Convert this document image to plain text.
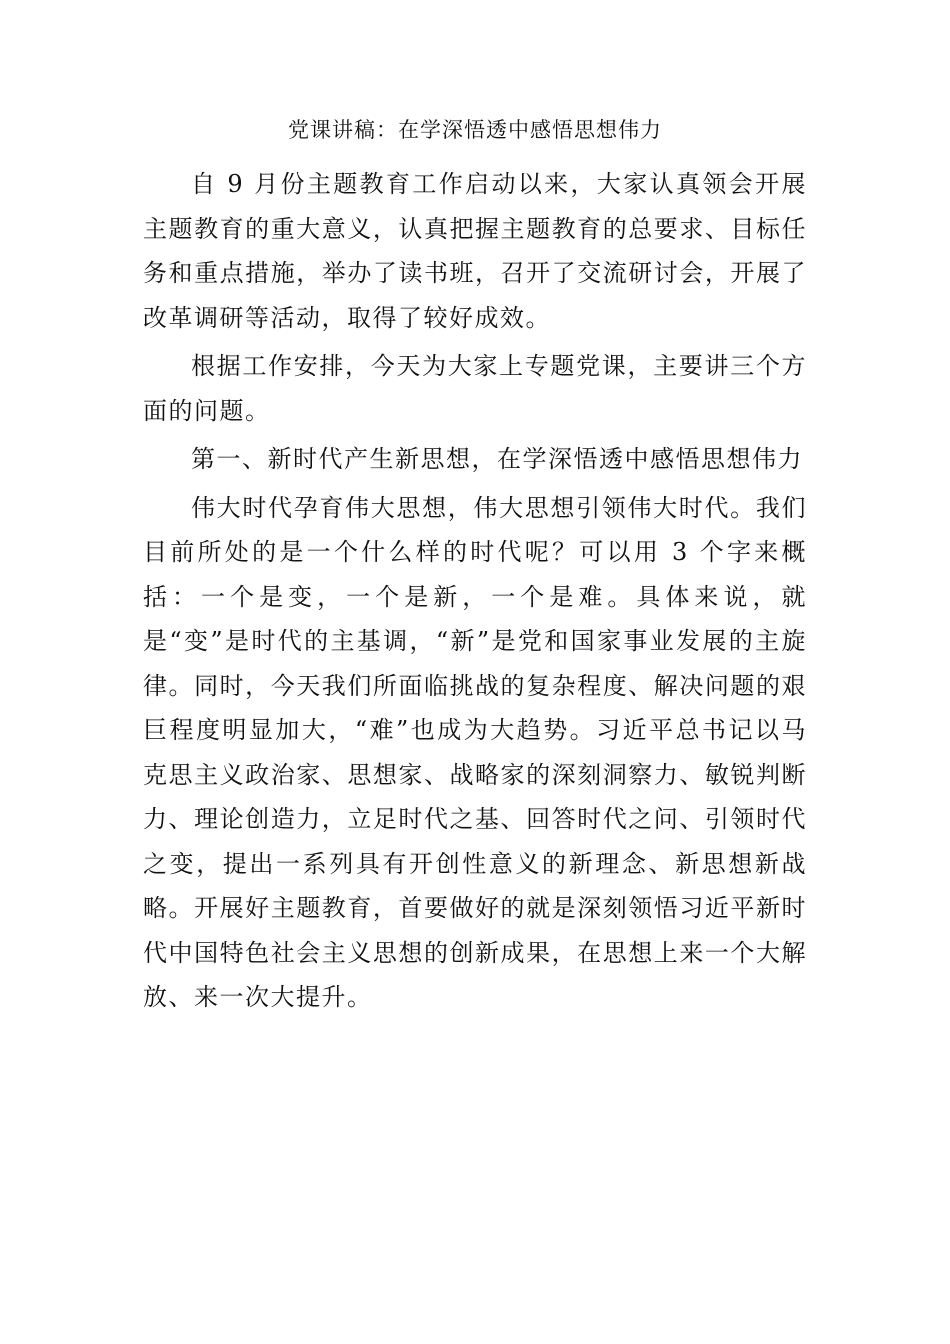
党课讲稿：在学深悟透中感悟思想伟力

自 9 月份主题教育工作启动以来，大家认真领会开展主题教育的重大意义，认真把握主题教育的总要求、目标任务和重点措施，举办了读书班，召开了交流研讨会，开展了改革调研等活动，取得了较好成效。

根据工作安排，今天为大家上专题党课，主要讲三个方面的问题。

第一、新时代产生新思想，在学深悟透中感悟思想伟力

伟大时代孕育伟大思想，伟大思想引领伟大时代。我们目前所处的是一个什么样的时代呢？可以用 3 个字来概括：一个是变，一个是新，一个是难。具体来说，就是“变”是时代的主基调，“新”是党和国家事业发展的主旋律。同时，今天我们所面临挑战的复杂程度、解决问题的艰巨程度明显加大，“难”也成为大趋势。习近平总书记以马克思主义政治家、思想家、战略家的深刻洞察力、敏锐判断力、理论创造力，立足时代之基、回答时代之问、引领时代之变，提出一系列具有开创性意义的新理念、新思想新战略。开展好主题教育，首要做好的就是深刻领悟习近平新时代中国特色社会主义思想的创新成果，在思想上来一个大解放、来一次大提升。
